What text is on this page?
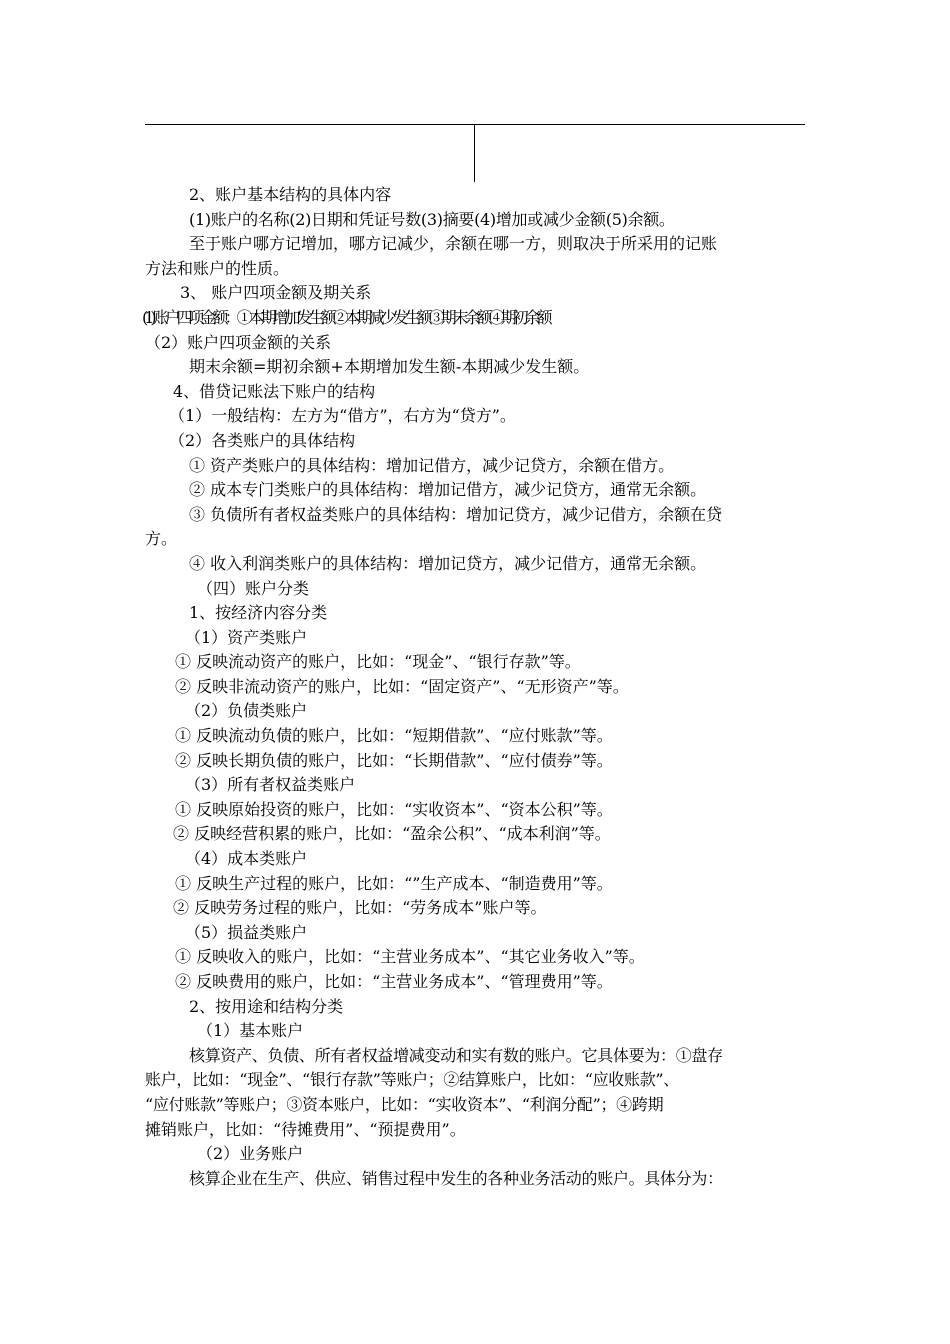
2、账户基本结构的具体内容
(1)账户的名称(2)日期和凭证号数(3)摘要(4)增加或减少金额(5)余额。
至于账户哪方记增加，哪方记减少，余额在哪一方，则取决于所采用的记账
方法和账户的性质。
3、 账户四项金额及期关系
(1)账户四项金额：①本期增加发生额②本期减少发生额③期末余额④期初余额
（2）账户四项金额的关系
期末余额=期初余额+本期增加发生额-本期减少发生额。
4、借贷记账法下账户的结构
（1）一般结构：左方为“借方”，右方为“贷方”。
（2）各类账户的具体结构
① 资产类账户的具体结构：增加记借方，减少记贷方，余额在借方。
② 成本专门类账户的具体结构：增加记借方，减少记贷方，通常无余额。
③ 负债所有者权益类账户的具体结构：增加记贷方，减少记借方，余额在贷
方。
④ 收入利润类账户的具体结构：增加记贷方，减少记借方，通常无余额。
（四）账户分类
1、按经济内容分类
（1）资产类账户
① 反映流动资产的账户，比如：“现金”、“银行存款”等。
② 反映非流动资产的账户，比如：“固定资产”、“无形资产”等。
（2）负债类账户
① 反映流动负债的账户，比如：“短期借款”、“应付账款”等。
② 反映长期负债的账户，比如：“长期借款”、“应付债券”等。
（3）所有者权益类账户
① 反映原始投资的账户，比如：“实收资本”、“资本公积”等。
② 反映经营积累的账户，比如：“盈余公积”、“成本利润”等。
（4）成本类账户
① 反映生产过程的账户，比如：“”生产成本、“制造费用”等。
② 反映劳务过程的账户，比如：“劳务成本”账户等。
（5）损益类账户
① 反映收入的账户，比如：“主营业务成本”、“其它业务收入”等。
② 反映费用的账户，比如：“主营业务成本”、“管理费用”等。
2、按用途和结构分类
（1）基本账户
核算资产、负债、所有者权益增减变动和实有数的账户。它具体要为：①盘存
账户，比如：“现金”、“银行存款”等账户；②结算账户，比如：“应收账款”、
“应付账款”等账户；③资本账户，比如：“实收资本”、“利润分配”；④跨期
摊销账户，比如：“待摊费用”、“预提费用”。
（2）业务账户
核算企业在生产、供应、销售过程中发生的各种业务活动的账户。具体分为：
